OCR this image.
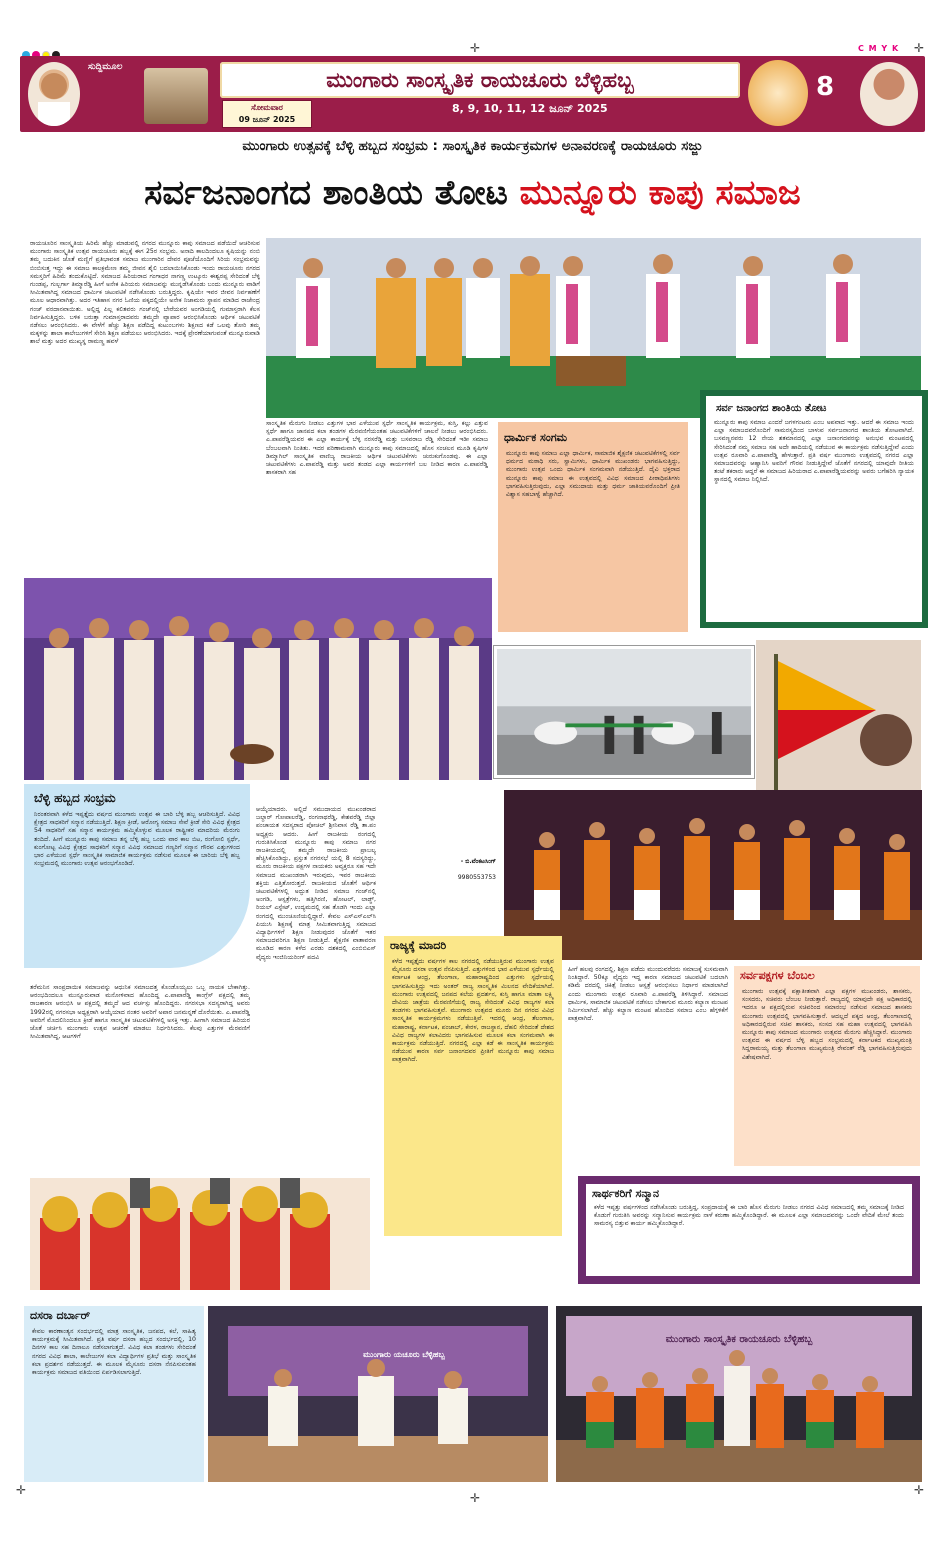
✛	C M Y K ✛
ಸುದ್ದಿಮೂಲ
ಮುಂಗಾರು ಸಾಂಸ್ಕೃತಿಕ ರಾಯಚೂರು ಬೆಳ್ಳಿಹಬ್ಬ
ಸೋಮವಾರ
09 ಜೂನ್ 2025
8, 9, 10, 11, 12 ಜೂನ್ 2025
8
ಮುಂಗಾರು ಉತ್ಸವಕ್ಕೆ ಬೆಳ್ಳಿ ಹಬ್ಬದ ಸಂಭ್ರಮ : ಸಾಂಸ್ಕೃತಿಕ ಕಾರ್ಯಕ್ರಮಗಳ ಅನಾವರಣಕ್ಕೆ ರಾಯಚೂರು ಸಜ್ಜು
ಸರ್ವಜನಾಂಗದ ಶಾಂತಿಯ ತೋಟ ಮುನ್ನೂರು ಕಾಪು ಸಮಾಜ
ರಾಯಚೂರಿನ ಸಾಂಸ್ಕೃತಿಯ ಹಿರಿಮೆ ಹೆಚ್ಚು ಮಾಡುವಲ್ಲಿ ನಗರದ ಮುನ್ನೂರು ಕಾಪು ಸಮಾಜದ ಪಡೆಯಿದೆ ಆಚರಿಸುವ ಮುಂಗಾರು ಸಾಂಸ್ಕೃತಿಕ ಉತ್ಸವ ರಾಯಚೂರು ಹಬ್ಬಕ್ಕೆ ಈಗ 25ರ ಸಂಭ್ರಮ. ಅನಾದಿ ಕಾಲದಿಂದಲೂ ಕೃಷಿಯನ್ನು ನಂಬಿ ತಮ್ಮ ಬದುಕಿನ ಜೊತೆ ಮಣ್ಣಿಗೆ ಪ್ರತಿಭಾವಂತ ಸಮಾಜ ಮುಂಗಾರಿನ ದೇವರ ಪೂಜೆಯೊಂದಿಗೆ ಸಿರಿಯ ಸಂಭ್ರಮವನ್ನು ಬಿಂಬಿಸುತ್ತ ಇದ್ದು ಈ ಸಮಾಜ ಕಾಲಕ್ರಮೇಣ ತಮ್ಮ ಜೀವನ ಶೈಲಿ ಬದಲಾಯಿಸಿಕೊಂಡು ಇಂದು ರಾಯಚೂರು ನಗರದ ಸಮಸ್ತರಿಗೆ ಹಿರಿಮೆ ತಂದುಕೊಟ್ಟಿದೆ. ಸಮಾಜದ ಹಿರಿಯರಾದ ಗಂಗಾಧರ ನಾಗಣ್ಣ ಉಟ್ಕೂರು ಈಶ್ವರಪ್ಪ ಸೇರಿದಂತೆ ಬೆಳ್ಳಿ ಗುಂಡಪ್ಪ, ಗುಲ್ಬರ್ಗಾ ತಿಮ್ಮಾರೆಡ್ಡಿ ಹೀಗೆ ಅನೇಕ ಹಿರಿಯರು ಸಮಾಜವನ್ನು ಮುನ್ನಡೆಸಿಕೊಂಡು ಬಂದು ಮುನ್ನೂರು ವಾಡಿಗೆ ಸೀಮಿತವಾಗಿದ್ದ ಸಮಾಜದ ಧಾರ್ಮಿಕ ಚಟುವಟಿಕೆ ನಡೆಸಿಕೊಂಡು ಬರುತ್ತಿದ್ದರು. ಕೃಷಿಯೇ ಇವರ ಜೀವನ ನಿರ್ವಹಣೆಗೆ ಮೂಲ ಆಧಾರವಾಗಿತ್ತು. ಅದರ ಇತಿಹಾಸ ನಗರ ಓಣಿಯ ಪಕ್ಕದಲ್ಲಿಯೇ ಅನೇಕ ನಿಜಾಮರು ಸ್ಥಾಪನ ಮಾಡಿದ ರಾಜೇಂದ್ರ ಗಂಜ್ ವರದಾನವಾಯಿತು. ಅಲ್ಲಿದ್ದ ಪಿಲ್ಲ ಕಲಿತವರು ಗಂಜ್‌ನಲ್ಲಿ ಬೇರೆಯವರ ಅಂಗಡಿಯಲ್ಲಿ ಗುಮಾಸ್ತರಾಗಿ ಕೆಲಸ ನಿರ್ವಹಿಸುತ್ತಿದ್ದರು. ಬಳಿಕ ಬರುತ್ತಾ ಗುಮಾಸ್ತರಾದವರು ತಮ್ಮದೇ ವ್ಯಾಪಾರ ಆರಂಭಿಸಿಕೊಂಡು ಆರ್ಥಿಕ ಚಟುವಟಿಕೆ ನಡೆಸಲು ಆರಂಭಿಸಿದರು. ಈ ವೇಳೆಗೆ ಹೆಚ್ಚು ಶಿಕ್ಷಣ ಪಡೆದಿದ್ದ ಕುಟುಂಬಗಳು ಶಿಕ್ಷಣದ ಕಡೆ ಒಲವು ತೋರಿ ತಮ್ಮ ಮಕ್ಕಳನ್ನು ಶಾಲಾ ಕಾಲೇಜುಗಳಿಗೆ ಸೇರಿಸಿ ಶಿಕ್ಷಣ ಪಡೆಯಲು ಆರಂಭಿಸಿದರು. ಇದಕ್ಕೆ ಪ್ರೇರಣೆಯಾಗುವಂತೆ ಮುನ್ನೂರುವಾಡಿ ಶಾಲೆ ಮತ್ತು ಅದರ ಮುಖ್ಯಸ್ಥ ರಾಮಣ್ಣ ಹವಳೆ
ಸಾಂಸ್ಕೃತಿಕ ಮೆರುಗು ನೀಡಲು ಎತ್ತುಗಳ ಭಾರ ಎಳೆಯುವ ಸ್ಪರ್ಧೆ ಸಾಂಸ್ಕೃತಿಕ ಕಾರ್ಯಕ್ರಮ, ಕುಸ್ತಿ, ಕಲ್ಲು ಎತ್ತುವ ಸ್ಪರ್ಧೆ ಹಾಗೂ ಜಾನಪದ ಕಲಾ ತಂಡಗಳ ಮೆರವಣಿಗೆಯಂತಹ ಚಟುವಟಿಕೆಗಳಿಗೆ ಚಾಲನೆ ನೀಡಲು ಆರಂಭಿಸಿದರು. ಎ.ಪಾಪರೆಡ್ಡಿಯವರ ಈ ಎಲ್ಲಾ ಕಾರ್ಯಕ್ಕೆ ಬೆಳ್ಳಿ ನರಸರೆಡ್ಡಿ ಮತ್ತು ಬಸವರಾಜ ರೆಡ್ಡಿ ಸೇರಿದಂತೆ ಇಡೀ ಸಮಾಜ ಬೆಂಬಲವಾಗಿ ನಿಂತಿತು. ಇದರ ಪರಿಣಾಮವಾಗಿ ಮುನ್ನೂರು ಕಾಪು ಸಮಾಜದಲ್ಲಿ ಹೊಸ ಸಂಚಲನ ಮೂಡಿ ಕೃಷಿಗಳ ಡಿಮ್ಮಾಗಿಲ್ ಸಾಂಸ್ಕೃತಿಕ ವಾಣಿಜ್ಯ ರಾಜಕೀಯ ಆರ್ಥಿಕ ಚಟುವಟಿಕೆಗಳು ಚುರುಕುಗೊಂಡವು. ಈ ಎಲ್ಲಾ ಚಟುವಟಿಕೆಗಳು ಎ.ಪಾಪರೆಡ್ಡಿ ಮತ್ತು ಅವರ ತಂಡದ ಎಲ್ಲಾ ಕಾರ್ಯಗಳಿಗೆ ಬಲ ನೀಡಿದ ಕಾರಣ ಎ.ಪಾಪರೆಡ್ಡಿ ಶಾಸಕರಾಗಿ ಸಹ
ಧಾರ್ಮಿಕ ಸಂಗಮ
ಮುನ್ನೂರು ಕಾಪು ಸಮಾಜ ಎಲ್ಲಾ ಧಾರ್ಮಿಕ, ಸಾಮಾಜಿಕ ಶೈಕ್ಷಣಿಕ ಚಟುವಟಿಕೆಗಳಲ್ಲಿ ಸರ್ವ ಧರ್ಮದ ಮಠಾಧಿ ಸರು, ಸ್ವಾಮಿಗಳು, ಧಾರ್ಮಿಕ ಮುಖಂಡರು ಭಾಗವಹಿಸುತ್ತಿದ್ದು, ಮುಂಗಾರು ಉತ್ಸವ ಒಂದು ಧಾರ್ಮಿಕ ಸಂಗಮವಾಗಿ ನಡೆಯುತ್ತಿದೆ. ದೈವಿ ಭಕ್ತರಾದ ಮುನ್ನೂರು ಕಾಪು ಸಮಾಜ ಈ ಉತ್ಸವದಲ್ಲಿ ವಿವಿಧ ಸಮಾಜದ ಪೀಠಾಧಿಪತಿಗಳು ಭಾಗವಹಿಸುತ್ತಿರುವುದು, ಎಲ್ಲಾ ಸಮುದಾಯ ಮತ್ತು ಧರ್ಮ ಜಾತಿಯವರೊಂದಿಗೆ ಪ್ರೀತಿ ವಿಶ್ವಾಸ ಸಹಬಾಳ್ವೆ ಹೆಚ್ಚಾಗಿದೆ.
ಸರ್ವ ಜನಾಂಗದ ಶಾಂತಿಯ ತೋಟ
ಮುನ್ನೂರು ಕಾಪು ಸಮಾಜ ಎಂದರೆ ಜಗಳಗಂಟರು ಎಂಬ ಅಪವಾದ ಇತ್ತು. ಆದರೆ ಈ ಸಮಾಜ ಇಂದು ಎಲ್ಲಾ ಸಮಾಜದವರೊಂದಿಗೆ ಸಾಮರಸ್ಯದಿಂದ ಬಾಳುವ ಸರ್ವಜನಾಂಗದ ಶಾಂತಿಯ ತೋಟವಾಗಿದೆ. ಬಸವಣ್ಣನವರು 12 ನೇಯ ಶತಮಾನದಲ್ಲಿ ಎಲ್ಲಾ ಜನಾಂಗದವರನ್ನು ಅನುಭವ ಮಂಟಪದಲ್ಲಿ ಸೇರಿಸಿದಂತೆ ನಮ್ಮ ಸಮಾಜ ಸಹ ಅದೇ ಹಾದಿಯಲ್ಲಿ ನಡೆಯುವ ಈ ಕಾರ್ಯಕ್ರಮ ನಡೆಸುತ್ತಿದ್ದೇವೆ ಎಂದು ಉತ್ಸವ ರೂವಾರಿ ಎ.ಪಾಪಾರೆಡ್ಡಿ ಹೇಳುತ್ತಾರೆ. ಪ್ರತಿ ವರ್ಷ ಮುಂಗಾರು ಉತ್ಸವದಲ್ಲಿ ನಗರದ ಎಲ್ಲಾ ಸಮಾಜದವರನ್ನು ಆಹ್ವಾನಿಸಿ ಅವರಿಗೆ ಗೌರವ ನೀಡುತ್ತಿದ್ದೇವೆ ಜೊತೆಗೆ ನಗರದಲ್ಲಿ ಯಾವುದೇ ರೀತಿಯ ತಂಟೆ ತಕರಾರು ಆದ್ದರೆ ಈ ಸಮಾಜದ ಹಿರಿಯರಾದ ಎ.ಪಾಪಾರೆಡ್ಡಿಯವರನ್ನು ಅವರು ಬಗೆಹರಿಸಿ ನ್ಯಾಯಕ ಸ್ಥಾನದಲ್ಲಿ ಸಮಾಜ ನಿಲ್ಲಿಸಿದೆ.
ಬೆಳ್ಳಿ ಹಬ್ಬದ ಸಂಭ್ರಮ
ನಿರಂತರವಾಗಿ ಕಳೆದ ಇಪ್ಪತ್ತೈದು ವರ್ಷದ ಮುಂಗಾರು ಉತ್ಸವ ಈ ಬಾರಿ ಬೆಳ್ಳಿ ಹಬ್ಬ ಆಚರಿಸುತ್ತಿದೆ. ವಿವಿಧ ಕ್ಷೇತ್ರದ ಸಾಧಕರಿಗೆ ಸನ್ಮಾನ ನಡೆಯುತ್ತಿದೆ. ಶಿಕ್ಷಣ ಕ್ರೀಡೆ, ಆರೋಗ್ಯ ಸಮಾಜ ಸೇವೆ ಕ್ರೀಡೆ ಸೇರಿ ವಿವಿಧ ಕ್ಷೇತ್ರದ 54 ಸಾಧಕರಿಗೆ ಸಹ ಸನ್ಮಾನ ಕಾರ್ಯಕ್ರಮ ಹಮ್ಮಿಕೊಳ್ಳುವ ಮೂಲಕ ರಾಷ್ಟ್ರೀಕರ ಮಾದರಿಯ ಮೆರುಗು ತಂದಿದೆ. ಹೀಗೆ ಮುನ್ನೂರು ಕಾಪು ಸಮಾಜ ತನ್ನ ಬೆಳ್ಳಿ ಹಬ್ಬ ಒಂದು ವಾರ ಕಾಲ ಬಿಟ, ರಂಗೋಲಿ ಸ್ಪರ್ಧೆ, ಕುಂಗೋಟ್ಟ ವಿವಿಧ ಕ್ಷೇತ್ರದ ಸಾಧಕರಿಗೆ ಸನ್ಮಾನ ವಿವಿಧ ಸಮಾಜದ ಗಣ್ಯರಿಗೆ ಸನ್ಮಾನ ಗೌರವ ಎತ್ತುಗಳಿಂದ ಭಾರ ಎಳೆಯುವ ಸ್ಪರ್ಧೆ ಸಾಂಸ್ಕೃತಿಕ ಸಾಮಾಜಿಕ ಕಾರ್ಯಕ್ರಮ ನಡೆಸುವ ಮೂಲಕ ಈ ಬಾರಿಯ ಬೆಳ್ಳಿ ಹಬ್ಬ ಸಂಭ್ರಮದಲ್ಲಿ ಮುಂಗಾರು ಉತ್ಸವ ಆರಂಭಗೊಂಡಿದೆ.
ಆಯ್ಕೆಯಾದರು. ಅಲ್ಲಿದೆ ಸಮುದಾಯದ ಮುಖಂಡರಾದ ಜಲ್ದಾರ್ ಗೋಪಾಲರೆಡ್ಡಿ, ರಂಗನಾಥರೆಡ್ಡಿ, ಕೇಶವರೆಡ್ಡಿ ಜಿಲ್ಲಾ ಪಂಚಾಯತ ಸದಸ್ಯರಾದ ಪೋಚಲ್ ಶ್ರೀನಿವಾಸ ರೆಡ್ಡಿ ತಾ.ಪಂ ಅಧ್ಯಕ್ಷರು ಆದರು. ಹೀಗೆ ರಾಜಕೀಯ ರಂಗದಲ್ಲಿ ಗುರುತಿಸಿಕೊಂಡ ಮುನ್ನೂರು ಕಾಪು ಸಮಾಜ ನಗರ ರಾಜಕೀಯದಲ್ಲಿ ತಮ್ಮದೇ ರಾಜಕೀಯ ಪ್ರಾಬಲ್ಯ ಹೆಚ್ಚಿಸಿಕೊಂಡಿದ್ದು, ಪ್ರಸ್ತುತ ನಗರಸಭೆ ಯಲ್ಲಿ 8 ಸದಸ್ಯರಿದ್ದು, ಮೂರು ರಾಜಕೀಯ ಪಕ್ಷಗಳ ನಾಯಕರು ಅವ್ಯಕ್ತರೂ ಸಹ ಇದೇ ಸಮಾಜದ ಮುಖಂಡರಾಗಿ ಇರುವುದು, ಇವರ ರಾಜಕೀಯ ಶಕ್ತಿಯ ಎತ್ತಿತೋರುತ್ತದೆ. ರಾಜಕೀಯದ ಜೊತೆಗೆ ಆರ್ಥಿಕ ಚಟುವಟಿಕೆಗಳಲ್ಲಿ ಅದ್ಭುತ ನೀಡಿದ ಸಮಾಜ ಗಂಜ್‌ನಲ್ಲಿ ಅಂಗಡಿ, ಆಸ್ಪತ್ರೆಗಳು, ಹತ್ತಿಗಿರಣಿ, ಹೋಟಲ್, ಲಾಡ್ಜ್, ರಿಯಲ್ ಎಸ್ಟೇಟ್, ಉದ್ಯಮದಲ್ಲಿ ಸಹ ತೊಡಗಿ ಇಂದು ಎಲ್ಲಾ ರಂಗದಲ್ಲಿ ಮುಂಚೂಣಿಯಲ್ಲಿದ್ದಾರೆ. ಕೇವಲ ಎಸ್‌ಎಸ್‌ಎಲ್‌ಸಿ ಪಿಯುಸಿ ಶಿಕ್ಷಣಕ್ಕೆ ಮಾತ್ರ ಸೀಮಿತವಾಗುತ್ತಿದ್ದ ಸಮಾಜದ ವಿದ್ಯಾರ್ಥಿಗಳಿಗೆ ಶಿಕ್ಷಣ ನೀಡುವುದರ ಜೊತೆಗೆ ಇತರ ಸಮಾಜದವರಿಗೂ ಶಿಕ್ಷಣ ನೀಡುತ್ತಿದೆ. ಶೈಕ್ಷಣಿಕ ವಾತಾವರಣ ಮೂಡಿದ ಕಾರಣ ಕಳೆದ ಎರಡು ದಶಕದಲ್ಲಿ ಎಂಬಿಬಿಎಸ್ ವೈದ್ಯರು ಇಂಜಿನಿಯರಿಂಗ್ ಪದವಿ
- ಬಿ.ವೆಂಕಟಸಿಂಗ್
9980553753
ತರೆಮನಿನ ಸಾಂಪ್ರದಾಯಿಕ ಸಮಾಜವನ್ನು ಆಧುನಿಕ ಸಮಾಜದತ್ತ ಕೊಂಡೊಯ್ಯಲು ಒಬ್ಬ ನಾಯಕ ಬೇಕಾಗಿತ್ತು. ಆರಂಭದಿಂದಲೂ ಮುನ್ನೂರುವಾಡ ಮನೋಳಿವಾದ ಹೊಂದಿದ್ದ ಎ.ಪಾಪಾರೆಡ್ಡಿ ಕಾಂಗ್ರೆಸ್ ಪಕ್ಷದಲ್ಲಿ ತಮ್ಮ ರಾಜಕಾರಣ ಆರಂಭಿಸಿ ಆ ಪಕ್ಷದಲ್ಲಿ ತಮ್ಮದೆ ಆದ ವರ್ಚಸ್ಸು ಹೊಂದಿದ್ದರು. ನಗರಸಭಾ ಸದಸ್ಯರಾಗಿದ್ದ ಅವರು 1992ರಲ್ಲಿ ನಗರಸಭಾ ಅಧ್ಯಕ್ಷರಾಗಿ ಆಯ್ಕೆಯಾದ ನಂತರ ಅವರಿಗೆ ಅಪಾರ ಜನಮನ್ನಣೆ ದೊರೆಯಿತು. ಎ.ಪಾಪರೆಡ್ಡಿ ಅವರಿಗೆ ಮೊದಲಿನಿಂದಲೂ ಕ್ರೀಡೆ ಹಾಗೂ ಸಾಂಸ್ಕೃತಿಕ ಚಟುವಟಿಕೆಗಳಲ್ಲಿ ಅಸಕ್ತಿ ಇತ್ತು. ಹೀಗಾಗಿ ಸಮಾಜದ ಹಿರಿಯರ ಜೊತೆ ಚರ್ಚಿಸಿ ಮುಂಗಾರು ಉತ್ಸವ ಆಚರಣೆ ಮಾಡಲು ನಿರ್ಧರಿಸಿದರು. ಕೆಲವು ಎತ್ತುಗಳ ಮೆರವಣಿಗೆ ಸೀಮಿತವಾಗಿದ್ದ, ಆಟಗಳಿಗೆ
ರಾಜ್ಯಕ್ಕೆ ಮಾದರಿ
ಕಳೆದ ಇಪ್ಪತ್ತೈದು ವರ್ಷಗಳ ಕಾಲ ನಗರದಲ್ಲಿ ನಡೆಯುತ್ತಿರುವ ಮುಂಗಾರು ಉತ್ಸವ ಮೈಸೂರು ದಸರಾ ಉತ್ಸವ ನೆನಪಿಸುತ್ತಿದೆ. ಎತ್ತುಗಳಿಂದ ಭಾರ ಎಳೆಯುವ ಸ್ಪರ್ಧೆಯಲ್ಲಿ ಕರ್ನಾಟಕ ಆಂಧ್ರ, ತೆಲಂಗಾಣ, ಮಹಾರಾಷ್ಟ್ರದಿಂದ ಎತ್ತುಗಳು ಸ್ಪರ್ಧೆಯಲ್ಲಿ ಭಾಗವಹಿಸುತ್ತಿದ್ದು ಇದು ಅಂತರ್ ರಾಜ್ಯ ಸಾಂಸ್ಕೃತಿಕ ಮಿಲನದ ವೇದಿಕೆಯಾಗಿದೆ. ಮುಂಗಾರು ಉತ್ಸವದಲ್ಲಿ ಜನಪದ ಕಲೆಯ ಪ್ರದರ್ಶನ, ಕುಸ್ತಿ ಹಾಗೂ ಮಾತಾ ಲಕ್ಷ್ಮಿ ದೇವಿಯ ಜಾತ್ರೆಯ ಮೆರವಣಿಗೆಯಲ್ಲಿ ರಾಜ್ಯ ಸೇರಿದಂತೆ ವಿವಿಧ ರಾಜ್ಯಗಳ ಕಲಾ ತಂಡಗಳು ಭಾಗವಹಿಸುತ್ತವೆ. ಮುಂಗಾರು ಉತ್ಸವದ ಮೂರು ದಿನ ನಗರದ ವಿವಿಧ ಸಾಂಸ್ಕೃತಿಕ ಕಾರ್ಯಕ್ರಮಗಳು ನಡೆಯುತ್ತಿವೆ. ಇದರಲ್ಲಿ ಆಂಧ್ರ, ತೆಲಂಗಾಣ, ಮಹಾರಾಷ್ಟ್ರ, ಕರ್ನಾಟಕ, ಪಂಜಾಬ್, ಕೇರಳ, ರಾಜಸ್ಥಾನ, ದೆಹಲಿ ಸೇರಿದಂತೆ ದೇಶದ ವಿವಿಧ ರಾಜ್ಯಗಳ ಕಲಾವಿದರು ಭಾಗವಹಿಸುವ ಮೂಲಕ ಕಲಾ ಸಂಗಮವಾಗಿ ಈ ಕಾರ್ಯಕ್ರಮ ನಡೆಯುತ್ತಿದೆ. ನಗರದಲ್ಲಿ ಎಲ್ಲಾ ಕಡೆ ಈ ಸಾಂಸ್ಕೃತಿಕ ಕಾರ್ಯಕ್ರಮ ನಡೆಯುವ ಕಾರಣ ಸರ್ವ ಜನಾಂಗದವರ ಪ್ರೀತಿಗೆ ಮುನ್ನೂರು ಕಾಪು ಸಮಾಜ ಪಾತ್ರವಾಗಿದೆ.
ಹೀಗೆ ಹಲವು ರಂಗದಲ್ಲಿ, ಶಿಕ್ಷಣ ಪಡೆದು ಮುಂದುವರೆದರು ಸಮಾಜಕ್ಕೆ ಸುಸಮವಾಗಿ ನಿಂತಿದ್ದಾರೆ. 50ಕ್ಕೂ ವೈದ್ಯರು ಇದ್ದ ಕಾರಣ ಸಮಾಜದ ಚಟುವಟಿಕೆ ಬದಲಾಗಿ ಕಡಿಮೆ ದರದಲ್ಲಿ ಚಿಕಿತ್ಸೆ ನೀಡಲು ಆಸ್ಪತ್ರೆ ಆರಂಭಿಸಲು ನಿರ್ಧಾರ ಮಾಡಲಾಗಿದೆ ಎಂದು ಮುಂಗಾರು ಉತ್ಸವ ರೂವಾರಿ ಎ.ಪಾಪರೆಡ್ಡಿ ತಿಳಿಸಿದ್ದಾರೆ. ಸಮಾಜದ ಧಾರ್ಮಿಕ, ಸಾಮಾಜಿಕ ಚಟುವಟಿಕೆ ನಡೆಸಲು ಬೇಕಾಗುವ ಮೂರು ಕಲ್ಯಾಣ ಮಂಟಪ ನಿರ್ಮಿಸಲಾಗಿದೆ. ಹೆಚ್ಚು ಕಲ್ಯಾಣ ಮಂಟಪ ಹೊಂದಿದ ಸಮಾಜ ಎಂಬ ಹೆಗ್ಗಳಿಕೆಗೆ ಪಾತ್ರವಾಗಿದೆ.
ಸರ್ವಪಕ್ಷಗಳ ಬೆಂಬಲ
ಮುಂಗಾರು ಉತ್ಸವಕ್ಕೆ ಪಕ್ಷಾತೀತವಾಗಿ ಎಲ್ಲಾ ಪಕ್ಷಗಳ ಮುಖಂಡರು, ಶಾಸಕರು, ಸಂಸದರು, ಸಚಿವರು ಬೆಂಬಲ ನೀಡುತ್ತಾರೆ. ರಾಜ್ಯದಲ್ಲಿ ಯಾವುದೇ ಪಕ್ಷ ಅಧಿಕಾರದಲ್ಲಿ ಇದರೂ ಆ ಪಕ್ಷದಲ್ಲಿರುವ ಸಚಿವರಿಂದ ಸಮಾರಂಭ ನಡೆಸುವ ಸಮಾಜದ ಶಾಸಕರು ಮುಂಗಾರು ಉತ್ಸವದಲ್ಲಿ ಭಾಗವಹಿಸುತ್ತಾರೆ. ಆದಲ್ಲದೆ ಪಕ್ಕದ ಆಂಧ್ರ, ತೆಲಂಗಾಣದಲ್ಲಿ ಅಧಿಕಾರದಲ್ಲಿರುವ ಸಚಿವ ಶಾಸಕರು, ಸಂಸದ ಸಹ ಮಹಾ ಉತ್ಸವದಲ್ಲಿ ಭಾಗವಹಿಸಿ ಮುನ್ನೂರು ಕಾಪು ಸಮಾಜದ ಮುಂಗಾರು ಉತ್ಸವದ ಮೆರುಗು ಹೆಚ್ಚಿಸಿದ್ದಾರೆ. ಮುಂಗಾರು ಉತ್ಸವದ ಈ ವರ್ಷದ ಬೆಳ್ಳಿ ಹಬ್ಬದ ಸಂಭ್ರಮದಲ್ಲಿ ಕರ್ನಾಟಕದ ಮುಖ್ಯಮಂತ್ರಿ ಸಿದ್ದರಾಮಯ್ಯ ಮತ್ತು ತೆಲಂಗಾಣ ಮುಖ್ಯಮಂತ್ರಿ ರೇವಂತ್ ರೆಡ್ಡಿ ಭಾಗವಹಿಸುತ್ತಿರುವುದು ವಿಶೇಷವಾಗಿದೆ.
ಸಾರ್ಥಕರಿಗೆ ಸನ್ಮಾನ
ಕಳೆದ ಇಪ್ಪತ್ತು ವರ್ಷಗಳಿಂದ ನಡೆಸಿಕೊಂಡು ಬರುತ್ತಿದ್ದ, ಸಂಪ್ರದಾಯಕ್ಕೆ ಈ ಬಾರಿ ಹೊಸ ಮೆರುಗು ನೀಡಲು ನಗರದ ವಿವಿಧ ಸಮಾಜದಲ್ಲಿ ತಮ್ಮ ಸಮಾಜಕ್ಕೆ ನೀಡಿದ ಕೊಡುಗೆ ಗುರುತಿಸಿ ಅವರನ್ನು ಸನ್ಮಾನಿಸುವ ಕಾರ್ಯಕ್ರಮ ನಾಳೆ ಕರುಣಾ ಹಮ್ಮಿಕೊಂಡಿದ್ದಾರೆ. ಈ ಮೂಲಕ ಎಲ್ಲಾ ಸಮಾಜದವರನ್ನು ಒಂದೇ ವೇದಿಕೆ ಮೇಲೆ ತಂದು ಸಾಮರಸ್ಯ ಬಿತ್ತುವ ಕಾರ್ಯ ಹಮ್ಮಿಕೊಂಡಿದ್ದಾರೆ.
ದಸರಾ ದರ್ಬಾರ್
ಕೇವಲ ಕಾರಣಾಂತ್ಯನ ಸಂದರ್ಭದಲ್ಲಿ ಮಾತ್ರ ಸಾಂಸ್ಕೃತಿಕ, ಜನಪದ, ಕಲೆ, ಸಾಹಿತ್ಯ ಕಾರ್ಯಕ್ರಮಕ್ಕೆ ಸೀಮಿತವಾಗಿದೆ. ಪ್ರತಿ ವರ್ಷ ದಸರಾ ಹಬ್ಬದ ಸಂದರ್ಭದಲ್ಲಿ, 10 ದಿನಗಳ ಕಾಲ ಸಹ ದಿನಾಲೂ ನಡೆಸಲಾಗುತ್ತದೆ. ವಿವಿಧ ಕಲಾ ತಂಡಗಳು ಸೇರಿದಂತೆ ನಗರದ ವಿವಿಧ ಶಾಲಾ, ಕಾಲೇಜುಗಳ ಕಲಾ ವಿದ್ಯಾರ್ಥಿಗಳ ಪ್ರತಿಭೆ ಮತ್ತು ಸಾಂಸ್ಕೃತಿಕ ಕಲಾ ಪ್ರದರ್ಶನ ನಡೆಯುತ್ತದೆ. ಈ ಮೂಲಕ ಮೈಸೂರು ದಸರಾ ನೆನಪಿಸುವಂತಹ ಕಾರ್ಯಕ್ರಮ ಸಮಾಜದ ವತಿಯಿಂದ ಏರ್ಪಡಿಸಲಾಗುತ್ತಿದೆ.
ಮುಂಗಾರು ಯಚೂರು ಬೆಳ್ಳಿಹಬ್ಬ
ಮುಂಗಾರು ಸಾಂಸ್ಕೃತಿಕ ರಾಯಚೂರು ಬೆಳ್ಳಿಹಬ್ಬ
✛
✛
✛
